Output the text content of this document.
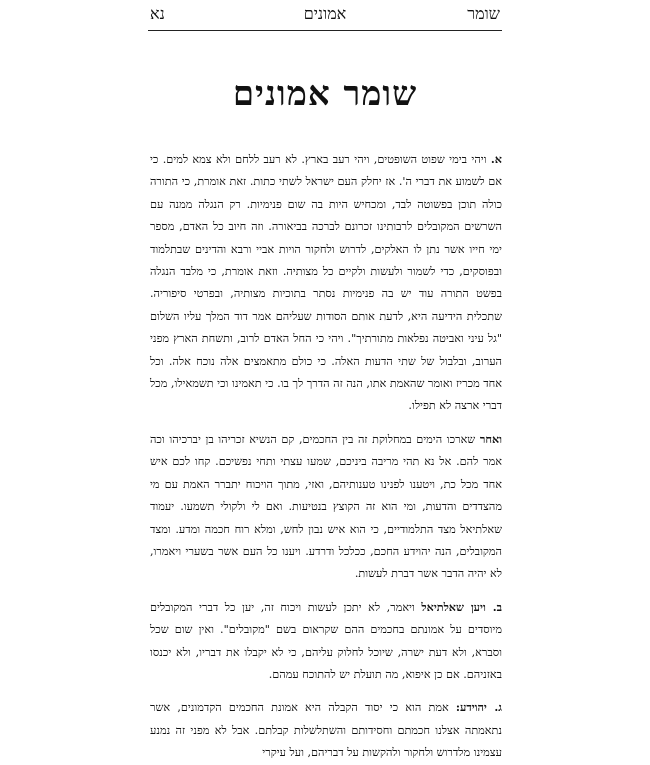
שומר
אמונים
נא
שומר אמונים

א. ויהי בימי שפוט השופטים, ויהי רעב בארץ. לא רעב ללחם ולא צמא למים. כי אם לשמוע את דברי ה'. אז יחלק העם ישראל לשתי כתות. זאת אומרת, כי התורה כולה תוכן בפשוטה לבד, ומכחיש היות בה שום פנימיות. רק הנגלה ממנה עם השרשים המקובלים לרבותינו זכרונם לברכה בביאורה. וזה חיוב כל האדם, מספר ימי חייו אשר נתן לו האלקים, לדרוש ולחקור הויות אביי ורבא והדינים שבתלמוד ובפוסקים, כדי לשמור ולעשות ולקיים כל מצותיה. וזאת אומרת, כי מלבד הנגלה בפשט התורה עוד יש בה פנימיות נסתר בתוכיות מצותיה, ובפרטי סיפוריה. שתכלית הידיעה היא, לדעת אותם הסודות שעליהם אמר דוד המלך עליו השלום "גל עיני ואביטה נפלאות מתורתיך". ויהי כי החל האדם לרוב, ותשחת הארץ מפני הערוב, ובלבול של שתי הדעות האלה. כי כולם מתאמצים אלה נוכח אלה. וכל אחד מכריז ואומר שהאמת אתו, הנה זה הדרך לך בו. כי תאמינו וכי תשמאילו, מכל דברי ארצה לא תפילו.

ואחר שארכו הימים במחלוקת זה בין החכמים, קם הנשיא זכריהו בן יברכיהו וכה אמר להם. אל נא תהי מריבה ביניכם, שמעו עצתי ותחי נפשיכם. קחו לכם איש אחד מכל כת, ויטענו לפנינו טענותיהם, ואזי, מתוך הויכוח יתברר האמת עם מי מהצדדים והדעות, ומי הוא זה הקוצץ בנטיעות. ואם לי ולקולי תשמעו. יעמוד שאלתיאל מצד התלמודיים, כי הוא איש נבון לחש, ומלא רוח חכמה ומדע. ומצד המקובלים, הנה יהוידע החכם, ככלכל ודרדע. ויענו כל העם אשר בשערי ויאמרו, לא יהיה הדבר אשר דברת לעשות.

ב. ויען שאלתיאל ויאמר, לא יתכן לעשות ויכוח זה, יען כל דברי המקובלים מיוסדים על אמונתם בחכמים ההם שקראום בשם "מקובלים". ואין שום שכל וסברא, ולא דעת ישרה, שיוכל לחלוק עליהם, כי לא יקבלו את דבריו, ולא יכנסו באזניהם. אם כן איפוא, מה תועלת יש להתוכח עמהם.

ג. יהוידע: אמת הוא כי יסוד הקבלה היא אמונת החכמים הקדמונים, אשר נתאמתה אצלנו חכמתם וחסידותם והשתלשלות קבלתם. אבל לא מפני זה נמנע עצמינו מלדרוש ולחקור ולהקשות על דבריהם, ועל עיקרי
